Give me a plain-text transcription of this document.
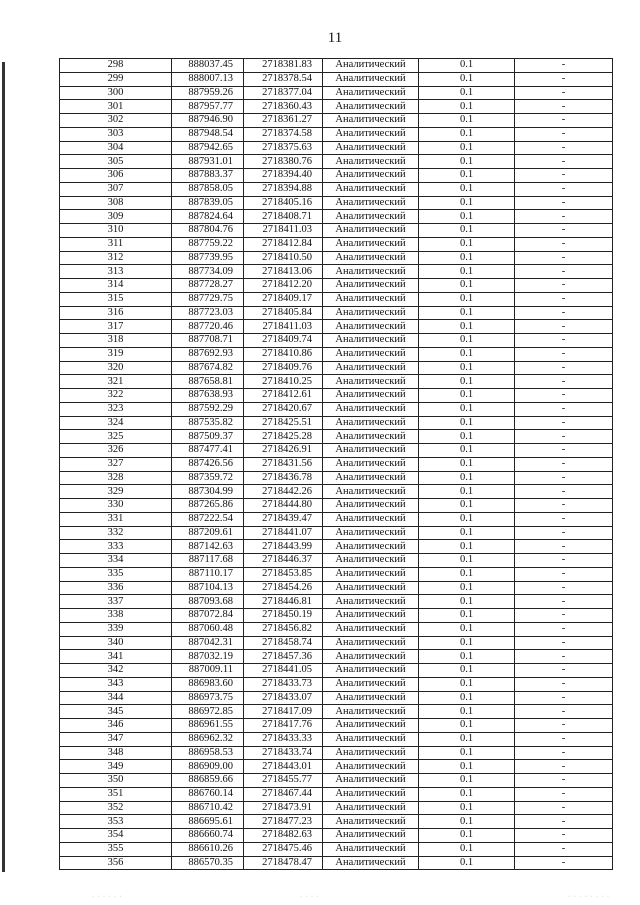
11
298	888037.45	2718381.83	Аналитический	0.1	-
299	888007.13	2718378.54	Аналитический	0.1	-
300	887959.26	2718377.04	Аналитический	0.1	-
301	887957.77	2718360.43	Аналитический	0.1	-
302	887946.90	2718361.27	Аналитический	0.1	-
303	887948.54	2718374.58	Аналитический	0.1	-
304	887942.65	2718375.63	Аналитический	0.1	-
305	887931.01	2718380.76	Аналитический	0.1	-
306	887883.37	2718394.40	Аналитический	0.1	-
307	887858.05	2718394.88	Аналитический	0.1	-
308	887839.05	2718405.16	Аналитический	0.1	-
309	887824.64	2718408.71	Аналитический	0.1	-
310	887804.76	2718411.03	Аналитический	0.1	-
311	887759.22	2718412.84	Аналитический	0.1	-
312	887739.95	2718410.50	Аналитический	0.1	-
313	887734.09	2718413.06	Аналитический	0.1	-
314	887728.27	2718412.20	Аналитический	0.1	-
315	887729.75	2718409.17	Аналитический	0.1	-
316	887723.03	2718405.84	Аналитический	0.1	-
317	887720.46	2718411.03	Аналитический	0.1	-
318	887708.71	2718409.74	Аналитический	0.1	-
319	887692.93	2718410.86	Аналитический	0.1	-
320	887674.82	2718409.76	Аналитический	0.1	-
321	887658.81	2718410.25	Аналитический	0.1	-
322	887638.93	2718412.61	Аналитический	0.1	-
323	887592.29	2718420.67	Аналитический	0.1	-
324	887535.82	2718425.51	Аналитический	0.1	-
325	887509.37	2718425.28	Аналитический	0.1	-
326	887477.41	2718426.91	Аналитический	0.1	-
327	887426.56	2718431.56	Аналитический	0.1	-
328	887359.72	2718436.78	Аналитический	0.1	-
329	887304.99	2718442.26	Аналитический	0.1	-
330	887265.86	2718444.80	Аналитический	0.1	-
331	887222.54	2718439.47	Аналитический	0.1	-
332	887209.61	2718441.07	Аналитический	0.1	-
333	887142.63	2718443.99	Аналитический	0.1	-
334	887117.68	2718446.37	Аналитический	0.1	-
335	887110.17	2718453.85	Аналитический	0.1	-
336	887104.13	2718454.26	Аналитический	0.1	-
337	887093.68	2718446.81	Аналитический	0.1	-
338	887072.84	2718450.19	Аналитический	0.1	-
339	887060.48	2718456.82	Аналитический	0.1	-
340	887042.31	2718458.74	Аналитический	0.1	-
341	887032.19	2718457.36	Аналитический	0.1	-
342	887009.11	2718441.05	Аналитический	0.1	-
343	886983.60	2718433.73	Аналитический	0.1	-
344	886973.75	2718433.07	Аналитический	0.1	-
345	886972.85	2718417.09	Аналитический	0.1	-
346	886961.55	2718417.76	Аналитический	0.1	-
347	886962.32	2718433.33	Аналитический	0.1	-
348	886958.53	2718433.74	Аналитический	0.1	-
349	886909.00	2718443.01	Аналитический	0.1	-
350	886859.66	2718455.77	Аналитический	0.1	-
351	886760.14	2718467.44	Аналитический	0.1	-
352	886710.42	2718473.91	Аналитический	0.1	-
353	886695.61	2718477.23	Аналитический	0.1	-
354	886660.74	2718482.63	Аналитический	0.1	-
355	886610.26	2718475.46	Аналитический	0.1	-
356	886570.35	2718478.47	Аналитический	0.1	-
· · · · · ·	· · · ·	· · · · · · · ·
